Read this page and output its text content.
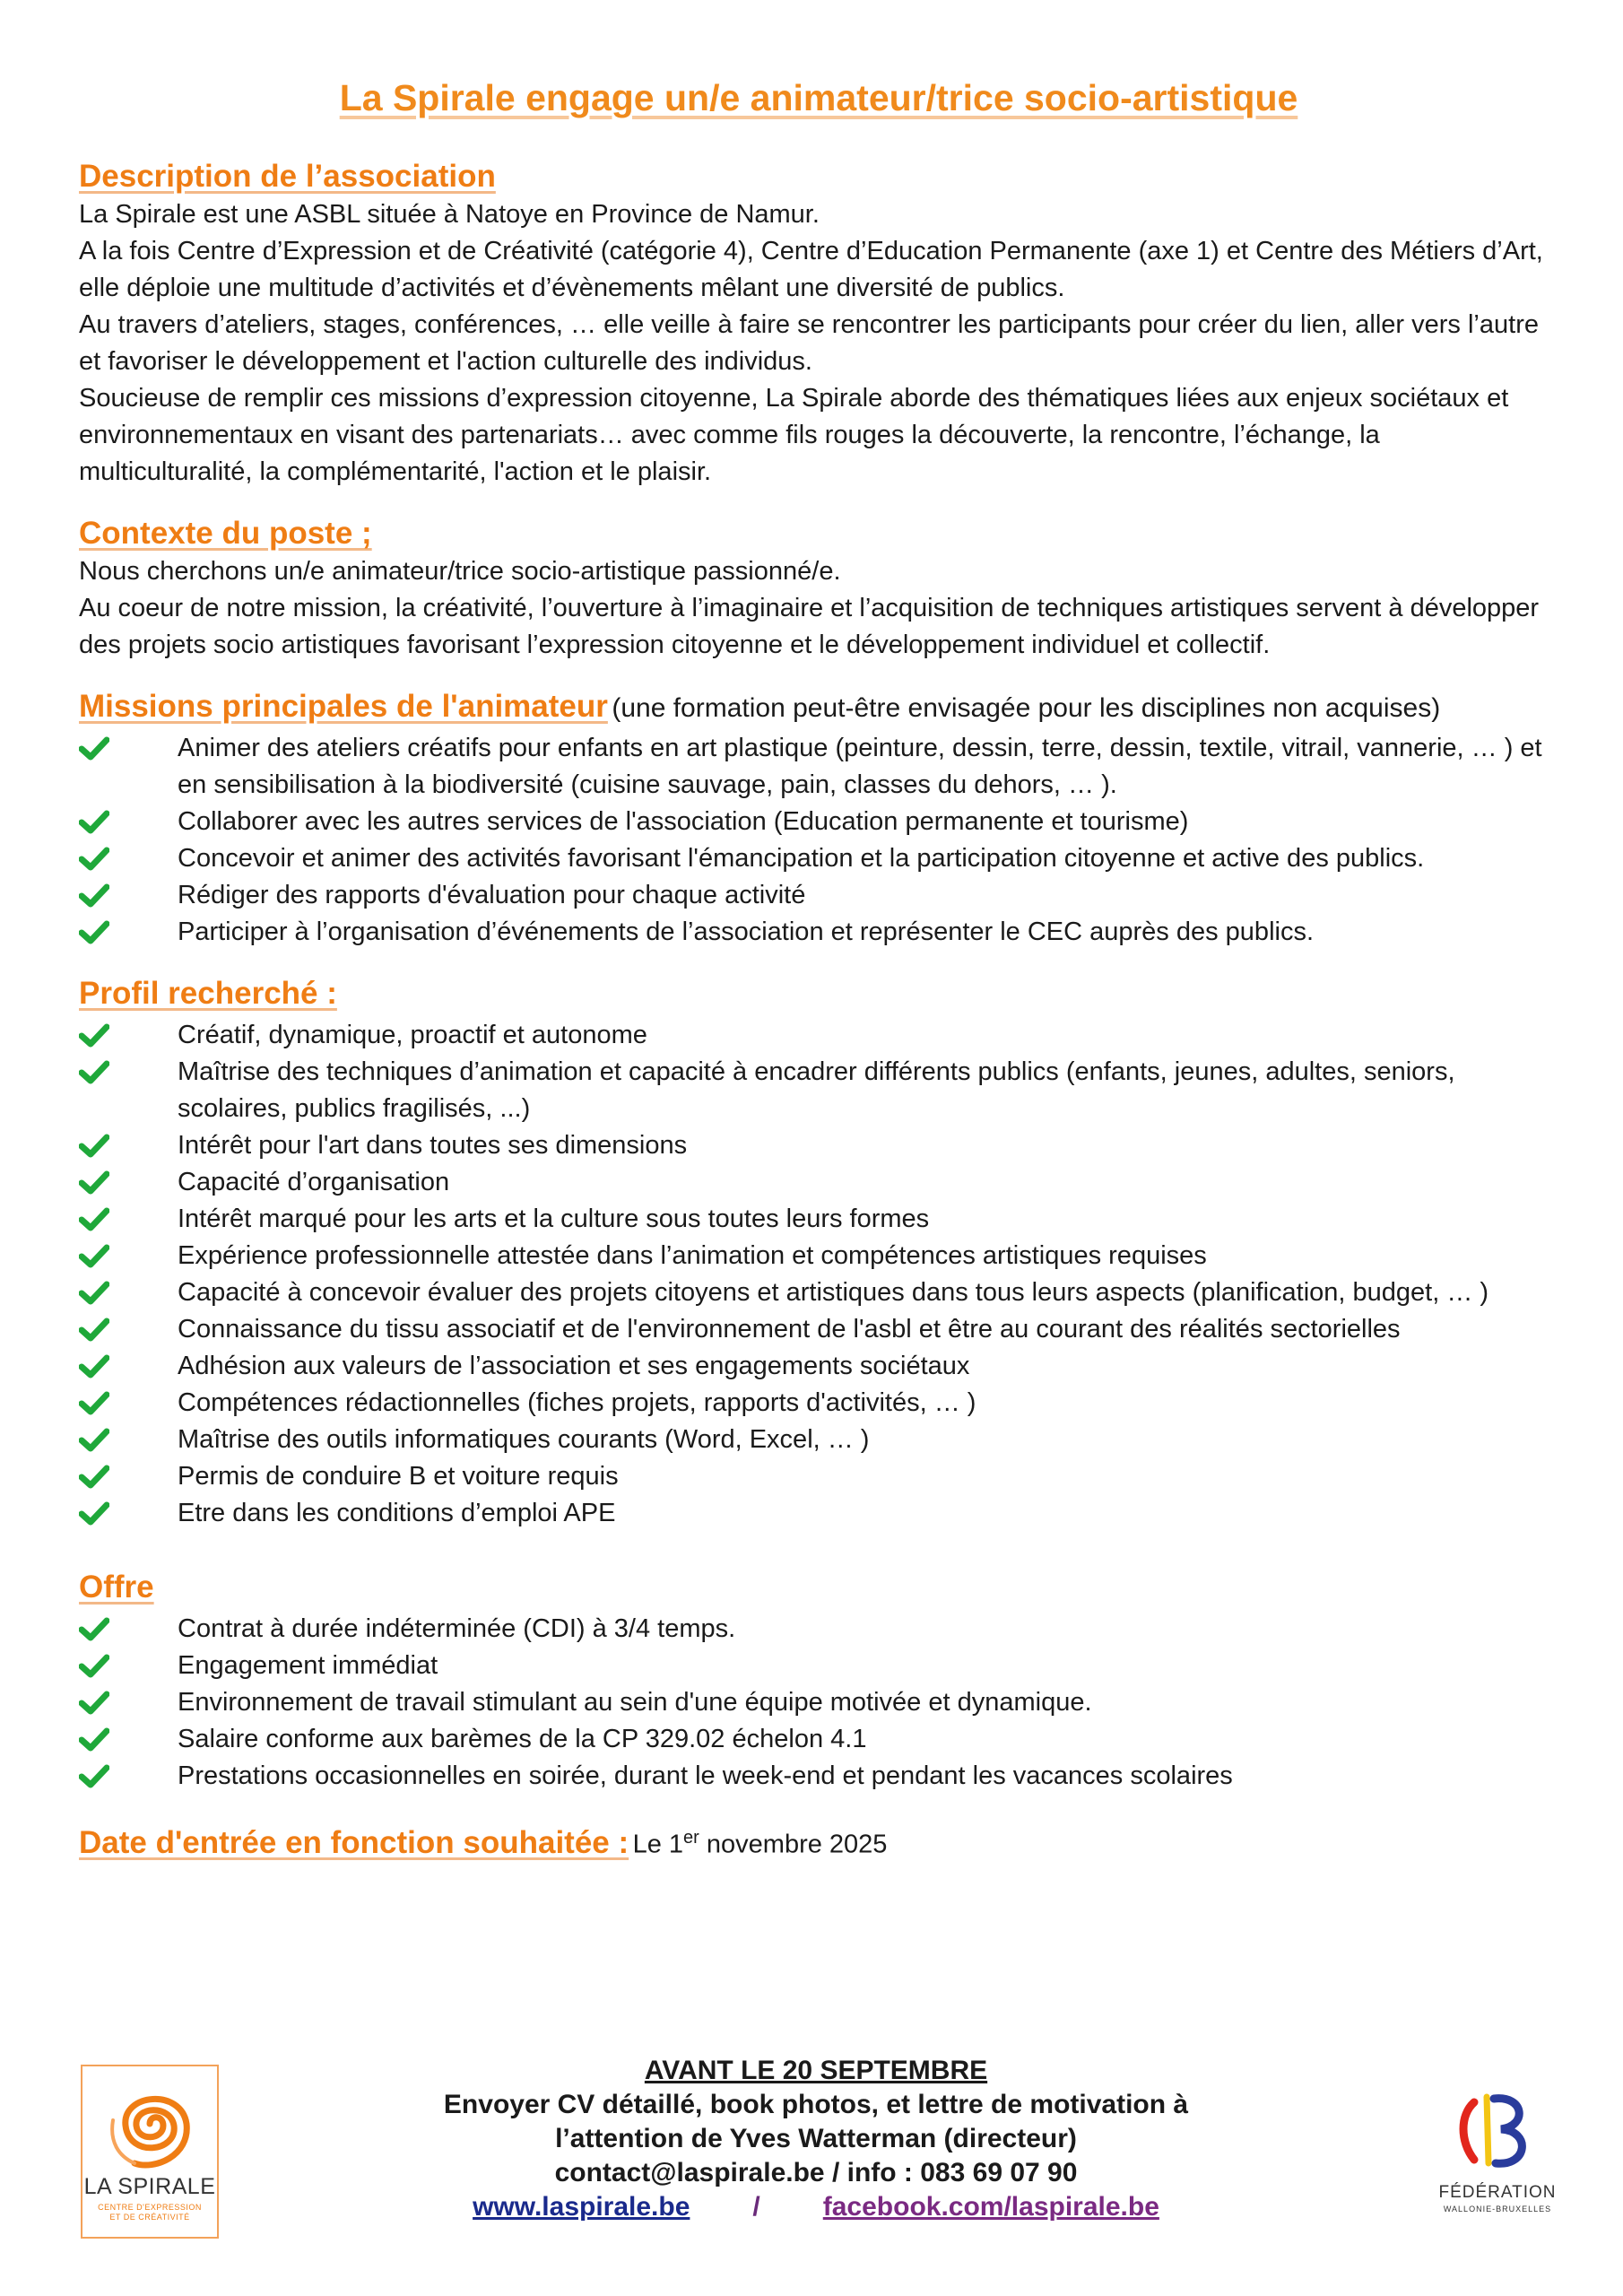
La Spirale engage un/e animateur/trice socio-artistique
Description de l’association

La Spirale est une ASBL située à Natoye en Province de Namur.

A la fois Centre d’Expression et de Créativité (catégorie 4), Centre d’Education Permanente (axe 1) et Centre des Métiers d’Art, elle déploie une multitude d’activités et d’évènements mêlant une diversité de publics.

Au travers d’ateliers, stages, conférences, … elle veille à faire se rencontrer les participants pour créer du lien, aller vers l’autre et favoriser le développement et l'action culturelle des individus.

Soucieuse de remplir ces missions d’expression citoyenne, La Spirale aborde des thématiques liées aux enjeux sociétaux et environnementaux en visant des partenariats… avec comme fils rouges la découverte, la rencontre, l’échange, la multiculturalité, la complémentarité, l'action et le plaisir.

Contexte du poste ;

Nous cherchons un/e animateur/trice socio-artistique passionné/e.

Au coeur de notre mission, la créativité, l’ouverture à l’imaginaire et l’acquisition de techniques artistiques servent à développer des projets socio artistiques favorisant l’expression citoyenne et le développement individuel et collectif.

Missions principales de l'animateur (une formation peut-être envisagée pour les disciplines non acquises)
Animer des ateliers créatifs pour enfants en art plastique (peinture, dessin, terre, dessin, textile, vitrail, vannerie, … ) et en sensibilisation à la biodiversité (cuisine sauvage, pain, classes du dehors, … ).
Collaborer avec les autres services de l'association (Education permanente et tourisme)
Concevoir et animer des activités favorisant l'émancipation et la participation citoyenne et active des publics.
Rédiger des rapports d'évaluation pour chaque activité
Participer à l’organisation d’événements de l’association et représenter le CEC auprès des publics.
Profil recherché :
Créatif, dynamique, proactif et autonome
Maîtrise des techniques d’animation et capacité à encadrer différents publics (enfants, jeunes, adultes, seniors, scolaires, publics fragilisés, ...)
Intérêt pour l'art dans toutes ses dimensions
Capacité d’organisation
Intérêt marqué pour les arts et la culture sous toutes leurs formes
Expérience professionnelle attestée dans l’animation et compétences artistiques requises
Capacité à concevoir évaluer des projets citoyens et artistiques dans tous leurs aspects (planification, budget, … )
Connaissance du tissu associatif et de l'environnement de l'asbl et être au courant des réalités sectorielles
Adhésion aux valeurs de l’association et ses engagements sociétaux
Compétences rédactionnelles (fiches projets, rapports d'activités, … )
Maîtrise des outils informatiques courants (Word, Excel, … )
Permis de conduire B et voiture requis
Etre dans les conditions d’emploi APE
Offre
Contrat à durée indéterminée (CDI) à 3/4 temps.
Engagement immédiat
Environnement de travail stimulant au sein d'une équipe motivée et dynamique.
Salaire conforme aux barèmes de la CP 329.02 échelon 4.1
Prestations occasionnelles en soirée, durant le week-end et pendant les vacances scolaires
Date d'entrée en fonction souhaitée : Le 1er novembre 2025
LA SPIRALE
CENTRE D'EXPRESSION
ET DE CRÉATIVITÉ
AVANT LE 20 SEPTEMBRE
Envoyer CV détaillé, book photos, et lettre de motivation à
l’attention de Yves Watterman (directeur)
contact@laspirale.be / info : 083 69 07 90
www.laspirale.be / facebook.com/laspirale.be	FÉDÉRATION
WALLONIE-BRUXELLES
